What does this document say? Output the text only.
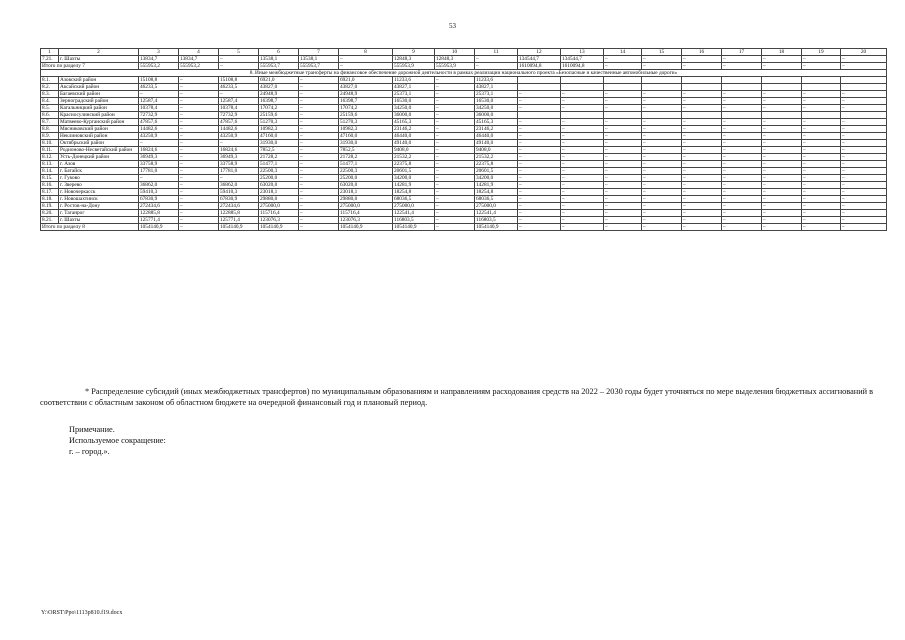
53
1	2	3	4	5	6	7	8	9	10	11	12	13	14	15	16	17	18	19	20
7.21.	г. Шахты	13834,7	13834,7	–	13538,1	13538,1	–	12848,3	12848,3	–	134544,7	134544,7	–	–	–	–	–	–	–
Итого по разделу 7		555953,2	555953,2	–	555953,7	555953,7	–	555953,9	555953,9	–	1610094,8	1610094,8	–	–	–	–	–	–	–
8. Иные межбюджетные трансферты на финансовое обеспечение дорожной деятельности в рамках реализации национального проекта «Безопасные и качественные автомобильные дороги»																			
8.1.	Азовский район	15108,8	–	15108,8	6921,0	–	6921,0	11233,6	–	11233,6									
8.2.	Аксайский район	46233,5	–	46233,5	43827,0	–	43827,0	43827,1	–	43827,1									
8.3.	Багаевский район	–	–	–	24948,9	–	24948,9	25373,1	–	25373,1	–	–	–	–	–	–	–	–	–
8.4.	Зерноградский район	12587,4	–	12587,4	16398,7	–	16398,7	16530,0	–	16530,0	–	–	–	–	–	–	–	–	–
8.5.	Кагальницкий район	10378,4	–	10378,4	17074,2	–	17074,2	34250,0	–	34250,0	–	–	–	–	–	–	–	–	–
8.6.	Красносулинский район	72732,9	–	72732,9	25159,6	–	25159,6	36000,0	–	36000,0									
8.7.	Матвеево-Курганский район	47857,6	–	47857,6	51270,3	–	51270,3	45165,3	–	45165,3	–	–	–	–	–	–	–	–	–
8.8.	Мясниковский район	14482,6	–	14482,6	10982,3	–	10982,3	23146,2	–	23146,2	–	–	–	–	–	–	–	–	–
8.9.	Неклиновский район	43250,9	–	43250,9	47160,0	–	47160,0	46440,0	–	46440,0	–	–	–	–	–	–	–	–	–
8.10.	Октябрьский район	–	–	–	31930,0	–	31930,0	49140,0	–	49140,0	–	–	–	–	–	–	–	–	–
8.11.	Родионово-Несветайский район	16824,6	–	16824,6	7852,5	–	7852,5	9408,0	–	9408,0	–	–	–	–	–	–	–	–	–
8.12.	Усть-Донецкий район	36949,3	–	36949,3	21728,2	–	21728,2	21532,2	–	21532,2	–	–	–	–	–	–	–	–	–
8.13.	г. Азов	33758,9	–	33758,9	51477,1	–	51477,1	22375,8	–	22375,8	–	–	–	–	–	–	–	–	–
8.14.	г. Батайск	17781,0	–	17781,0	22500,3	–	22500,3	20601,5	–	20601,5	–	–	–	–	–	–	–	–	–
8.15.	г. Гуково	–	–	–	25200,0	–	25200,0	34200,0	–	34200,0	–	–	–	–	–	–	–	–	–
8.16.	г. Зверево	36862,0	–	36862,0	63020,0	–	63020,0	14281,9	–	14281,9	–	–	–	–	–	–	–	–	–
8.17.	г. Новочеркасск	59410,3	–	59410,3	23018,1	–	23018,1	18254,8	–	18254,8	–	–	–	–	–	–	–	–	–
8.18.	г. Новошахтинск	67830,9	–	67830,9	29880,0	–	29880,0	68036,5	–	68036,5	–	–	–	–	–	–	–	–	–
8.19.	г. Ростов-на-Дону	272434,6	–	272434,6	275000,0	–	275000,0	275000,0	–	275000,0	–	–	–	–	–	–	–	–	–
8.20.	г. Таганрог	122885,8	–	122885,8	115716,4	–	115716,4	122541,4	–	122541,4	–	–	–	–	–	–	–	–	–
8.21.	г. Шахты	125771,4	–	125771,4	123076,3	–	123076,3	116803,5	–	116803,5	–	–	–	–	–	–	–	–	–
Итого по разделу 8		1054140,9	–	1054140,9	1054140,9	–	1054140,9	1054140,9	–	1054140,9	–	–	–	–	–	–	–	–	–
* Распределение субсидий (иных межбюджетных трансфертов) по муниципальным образованиям и направлениям расходования средств на 2022 – 2030 годы будет уточняться по мере выделения бюджетных ассигнований в соответствии с областным законом об областном бюджете на очередной финансовый год и плановый период.
Примечание.
Используемое сокращение:
г. – город.».
Y:\ORST\Ppo\1113p810.f19.docx
